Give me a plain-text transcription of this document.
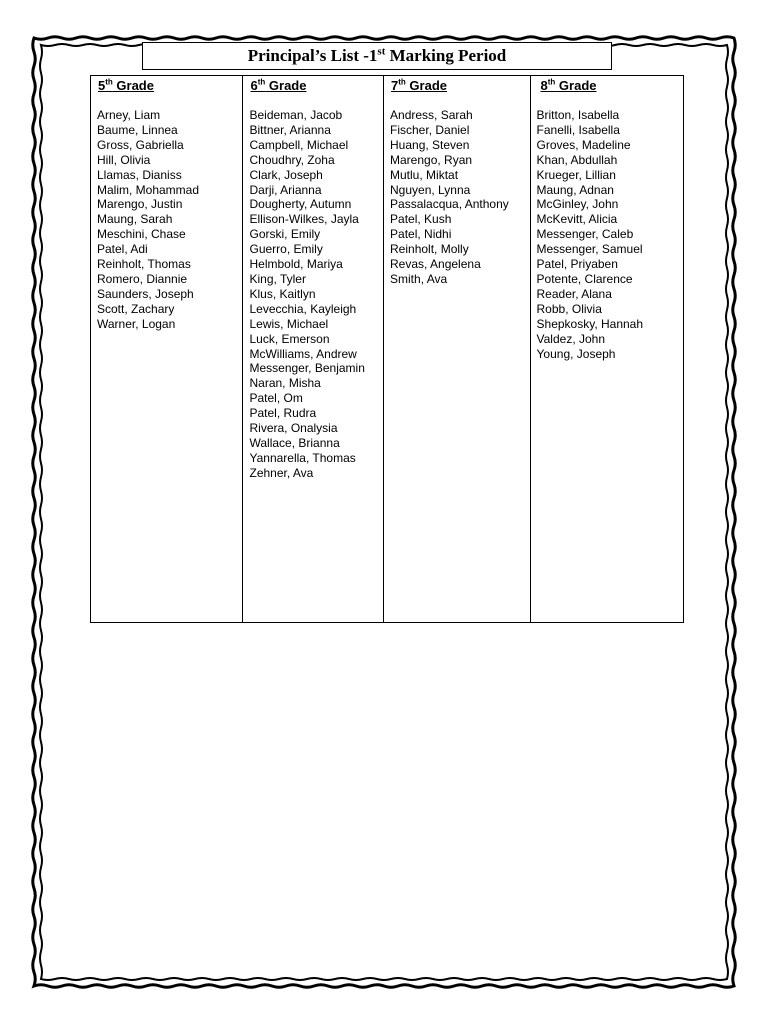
Principal’s List -1st Marking Period
5th Grade
Arney, Liam
Baume, Linnea
Gross, Gabriella
Hill, Olivia
Llamas, Dianiss
Malim, Mohammad
Marengo, Justin
Maung, Sarah
Meschini, Chase
Patel, Adi
Reinholt, Thomas
Romero, Diannie
Saunders, Joseph
Scott, Zachary
Warner, Logan
6th Grade
Beideman, Jacob
Bittner, Arianna
Campbell, Michael
Choudhry, Zoha
Clark, Joseph
Darji, Arianna
Dougherty, Autumn
Ellison-Wilkes, Jayla
Gorski, Emily
Guerro, Emily
Helmbold, Mariya
King, Tyler
Klus, Kaitlyn
Levecchia, Kayleigh
Lewis, Michael
Luck, Emerson
McWilliams, Andrew
Messenger, Benjamin
Naran, Misha
Patel, Om
Patel, Rudra
Rivera, Onalysia
Wallace, Brianna
Yannarella, Thomas
Zehner, Ava
7th Grade
Andress, Sarah
Fischer, Daniel
Huang, Steven
Marengo, Ryan
Mutlu, Miktat
Nguyen, Lynna
Passalacqua, Anthony
Patel, Kush
Patel, Nidhi
Reinholt, Molly
Revas, Angelena
Smith, Ava
8th Grade
Britton, Isabella
Fanelli, Isabella
Groves, Madeline
Khan, Abdullah
Krueger, Lillian
Maung, Adnan
McGinley, John
McKevitt, Alicia
Messenger, Caleb
Messenger, Samuel
Patel, Priyaben
Potente, Clarence
Reader, Alana
Robb, Olivia
Shepkosky, Hannah
Valdez, John
Young, Joseph
